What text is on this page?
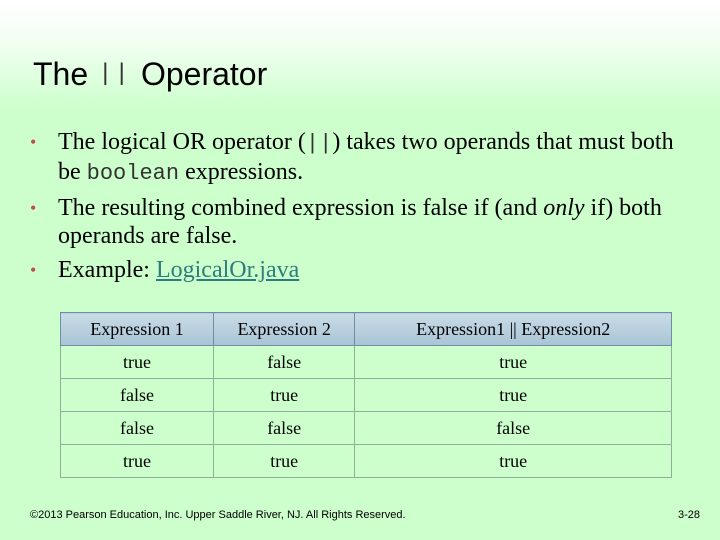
The || Operator
• The logical OR operator (||) takes two operands that must both be boolean expressions.
• The resulting combined expression is false if (and only if) both operands are false.
• Example: LogicalOr.java
Expression 1	Expression 2	Expression1 || Expression2
true	false	true
false	true	true
false	false	false
true	true	true
©2013 Pearson Education, Inc. Upper Saddle River, NJ. All Rights Reserved.	3-28
